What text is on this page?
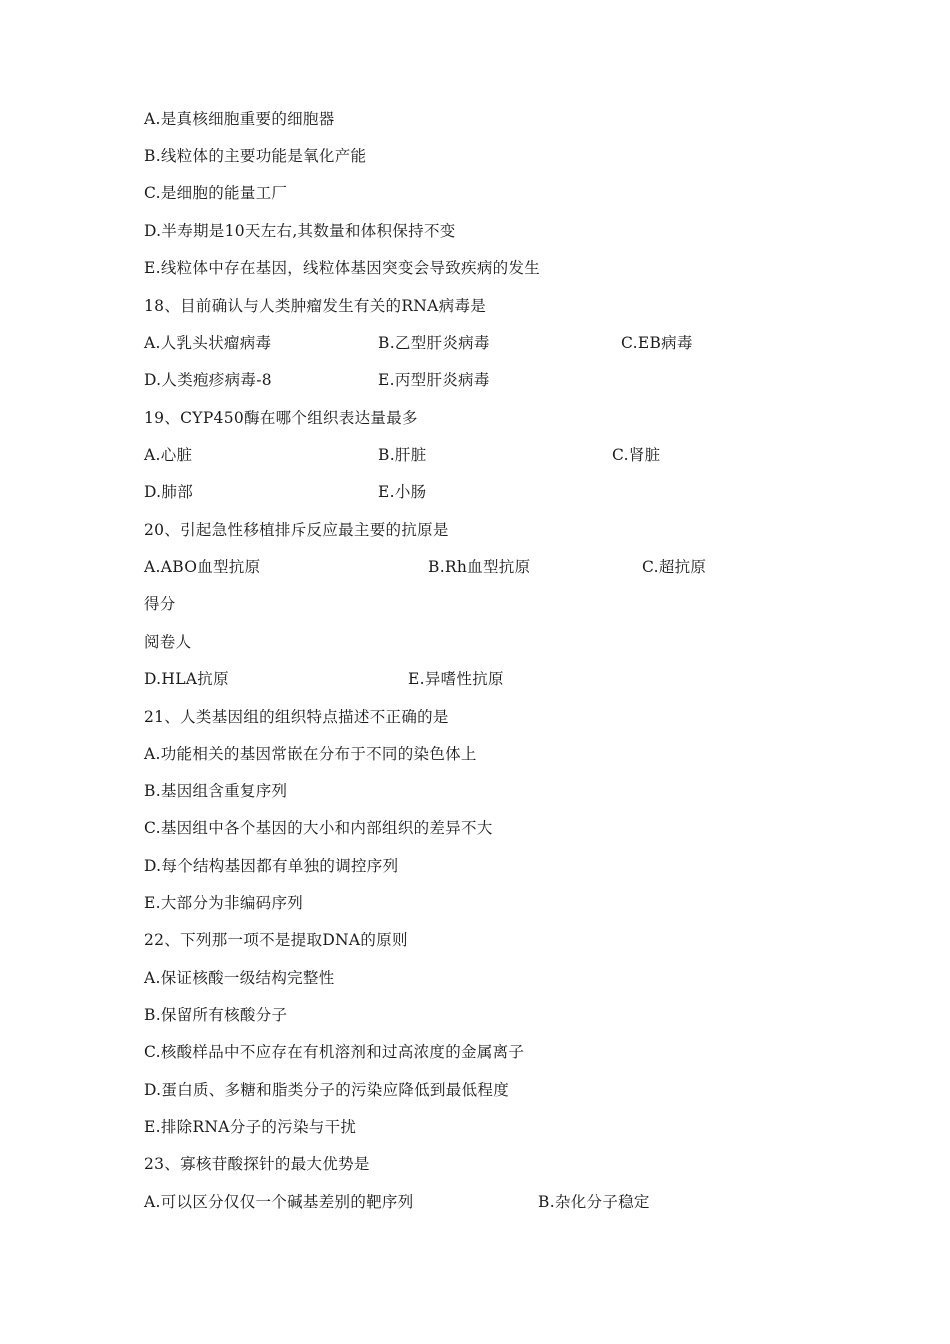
A.是真核细胞重要的细胞器
B.线粒体的主要功能是氧化产能
C.是细胞的能量工厂
D.半寿期是10天左右,其数量和体积保持不变
E.线粒体中存在基因，线粒体基因突变会导致疾病的发生
18、目前确认与人类肿瘤发生有关的RNA病毒是
A.人乳头状瘤病毒	B.乙型肝炎病毒	C.EB病毒
D.人类疱疹病毒-8	E.丙型肝炎病毒
19、CYP450酶在哪个组织表达量最多
A.心脏	B.肝脏	C.肾脏
D.肺部	E.小肠
20、引起急性移植排斥反应最主要的抗原是
A.ABO血型抗原	B.Rh血型抗原	C.超抗原
得分
阅卷人
D.HLA抗原	E.异嗜性抗原
21、人类基因组的组织特点描述不正确的是
A.功能相关的基因常嵌在分布于不同的染色体上
B.基因组含重复序列
C.基因组中各个基因的大小和内部组织的差异不大
D.每个结构基因都有单独的调控序列
E.大部分为非编码序列
22、下列那一项不是提取DNA的原则
A.保证核酸一级结构完整性
B.保留所有核酸分子
C.核酸样品中不应存在有机溶剂和过高浓度的金属离子
D.蛋白质、多糖和脂类分子的污染应降低到最低程度
E.排除RNA分子的污染与干扰
23、寡核苷酸探针的最大优势是
A.可以区分仅仅一个碱基差别的靶序列	B.杂化分子稳定
